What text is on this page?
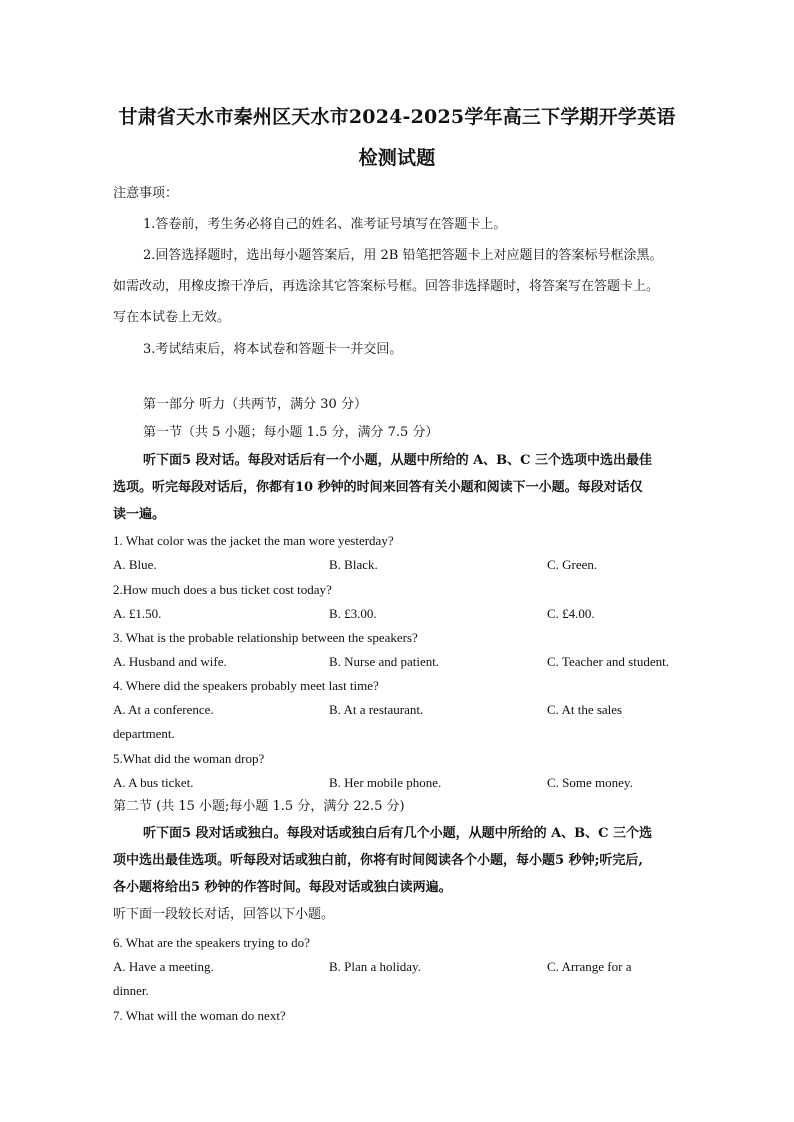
甘肃省天水市秦州区天水市2024-2025学年高三下学期开学英语
检测试题
注意事项：
1.答卷前，考生务必将自己的姓名、准考证号填写在答题卡上。
2.回答选择题时，选出每小题答案后，用 2B 铅笔把答题卡上对应题目的答案标号框涂黑。
如需改动，用橡皮擦干净后，再选涂其它答案标号框。回答非选择题时，将答案写在答题卡上。
写在本试卷上无效。
3.考试结束后，将本试卷和答题卡一并交回。
第一部分 听力（共两节，满分 30 分）
第一节（共 5 小题；每小题 1.5 分，满分 7.5 分）
听下面5 段对话。每段对话后有一个小题，从题中所给的 A、B、C 三个选项中选出最佳
选项。听完每段对话后，你都有10 秒钟的时间来回答有关小题和阅读下一小题。每段对话仅
读一遍。
1. What color was the jacket the man wore yesterday?
A. Blue.	B. Black.	C. Green.
2.How much does a bus ticket cost today?
A. £1.50.	B. £3.00.	C. £4.00.
3. What is the probable relationship between the speakers?
A. Husband and wife.	B. Nurse and patient.	C. Teacher and student.
4. Where did the speakers probably meet last time?
A. At a conference.	B. At a restaurant.	C. At the sales
department.
5.What did the woman drop?
A. A bus ticket.	B. Her mobile phone.	C. Some money.
第二节 (共 15 小题;每小题 1.5 分，满分 22.5 分)
听下面5 段对话或独白。每段对话或独白后有几个小题，从题中所给的 A、B、C 三个选
项中选出最佳选项。听每段对话或独白前，你将有时间阅读各个小题，每小题5 秒钟;听完后,
各小题将给出5 秒钟的作答时间。每段对话或独白读两遍。
听下面一段较长对话，回答以下小题。
6. What are the speakers trying to do?
A. Have a meeting.	B. Plan a holiday.	C. Arrange for a
dinner.
7. What will the woman do next?
